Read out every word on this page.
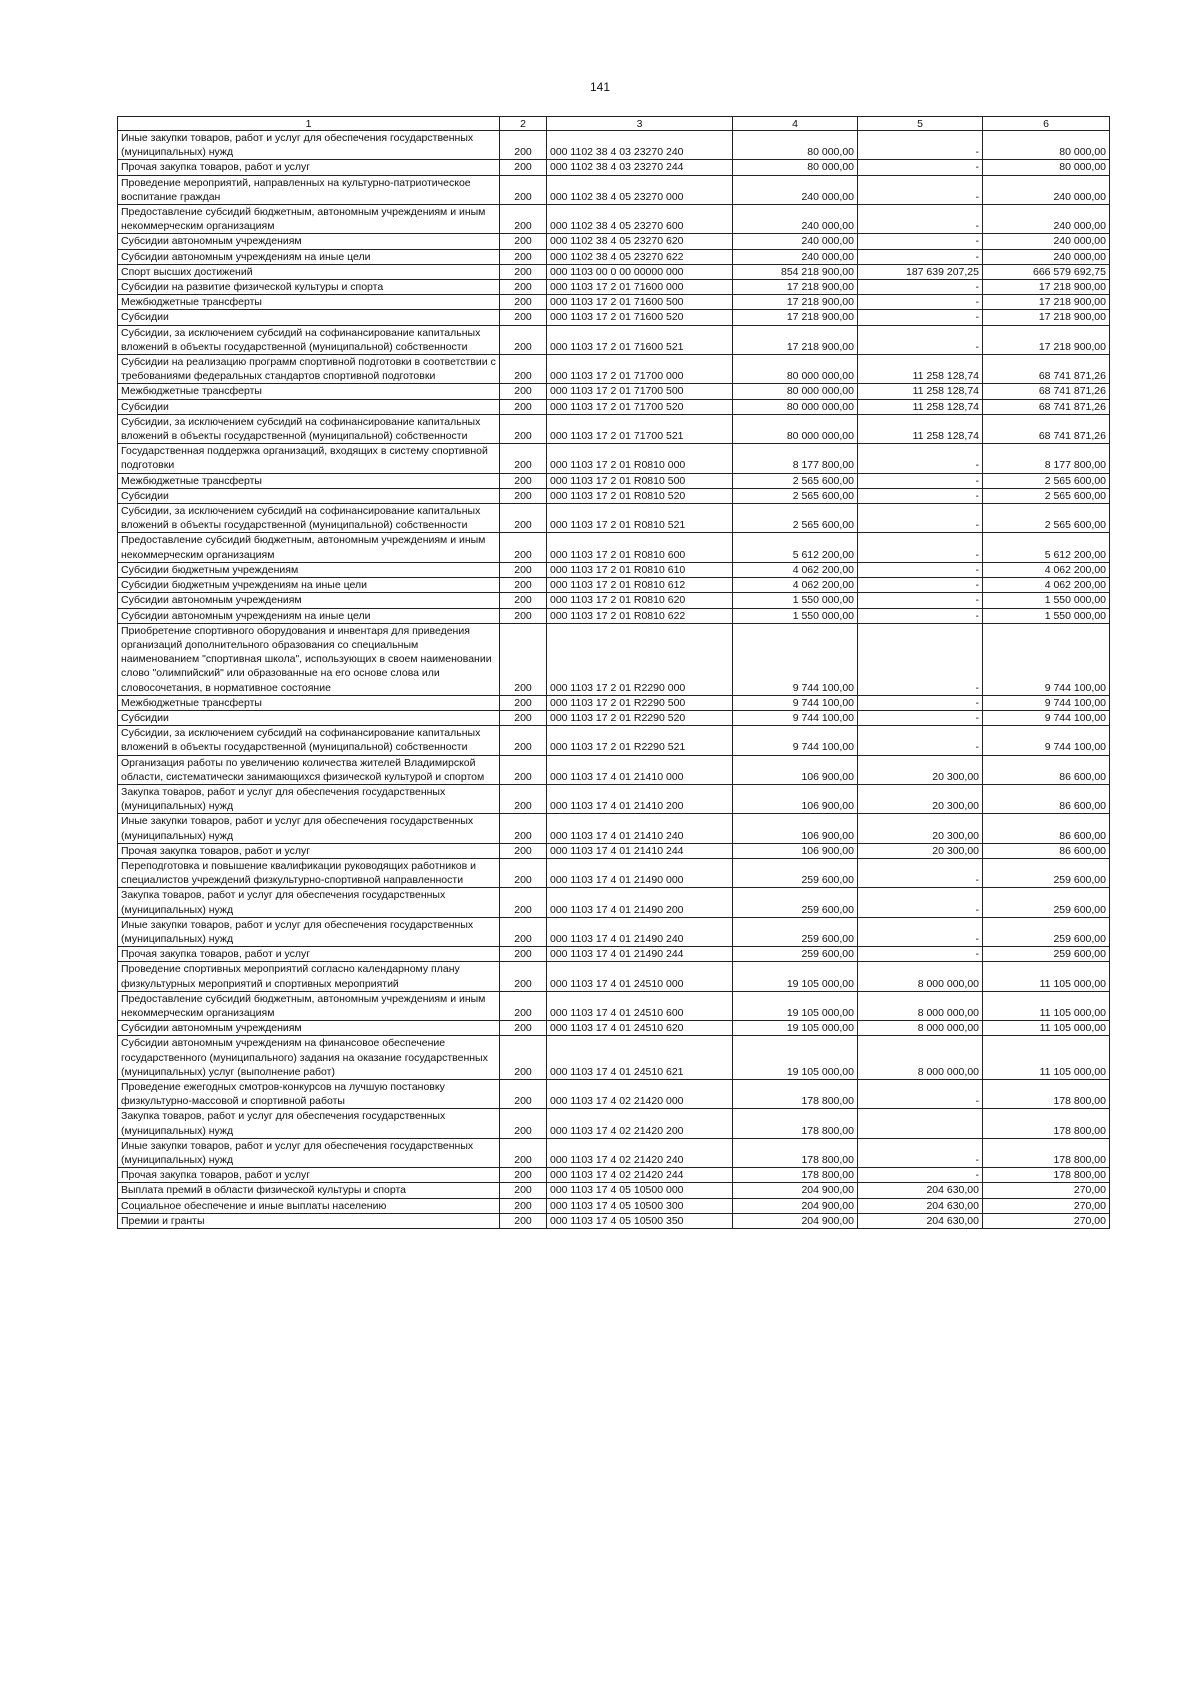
141
1	2	3	4	5	6
Иные закупки товаров, работ и услуг для обеспечения государственных (муниципальных) нужд	200	000 1102 38 4 03 23270 240	80 000,00	-	80 000,00
Прочая закупка товаров, работ и услуг	200	000 1102 38 4 03 23270 244	80 000,00	-	80 000,00
Проведение мероприятий, направленных на культурно-патриотическое воспитание граждан	200	000 1102 38 4 05 23270 000	240 000,00	-	240 000,00
Предоставление субсидий бюджетным, автономным учреждениям и иным некоммерческим организациям	200	000 1102 38 4 05 23270 600	240 000,00	-	240 000,00
Субсидии автономным учреждениям	200	000 1102 38 4 05 23270 620	240 000,00	-	240 000,00
Субсидии автономным учреждениям на иные цели	200	000 1102 38 4 05 23270 622	240 000,00	-	240 000,00
Спорт высших достижений	200	000 1103 00 0 00 00000 000	854 218 900,00	187 639 207,25	666 579 692,75
Субсидии на развитие физической культуры и спорта	200	000 1103 17 2 01 71600 000	17 218 900,00	-	17 218 900,00
Межбюджетные трансферты	200	000 1103 17 2 01 71600 500	17 218 900,00	-	17 218 900,00
Субсидии	200	000 1103 17 2 01 71600 520	17 218 900,00	-	17 218 900,00
Субсидии, за исключением субсидий на софинансирование капитальных вложений в объекты государственной (муниципальной) собственности	200	000 1103 17 2 01 71600 521	17 218 900,00	-	17 218 900,00
Субсидии на реализацию программ спортивной подготовки в соответствии с требованиями федеральных стандартов спортивной подготовки	200	000 1103 17 2 01 71700 000	80 000 000,00	11 258 128,74	68 741 871,26
Межбюджетные трансферты	200	000 1103 17 2 01 71700 500	80 000 000,00	11 258 128,74	68 741 871,26
Субсидии	200	000 1103 17 2 01 71700 520	80 000 000,00	11 258 128,74	68 741 871,26
Субсидии, за исключением субсидий на софинансирование капитальных вложений в объекты государственной (муниципальной) собственности	200	000 1103 17 2 01 71700 521	80 000 000,00	11 258 128,74	68 741 871,26
Государственная поддержка организаций, входящих в систему спортивной подготовки	200	000 1103 17 2 01 R0810 000	8 177 800,00	-	8 177 800,00
Межбюджетные трансферты	200	000 1103 17 2 01 R0810 500	2 565 600,00	-	2 565 600,00
Субсидии	200	000 1103 17 2 01 R0810 520	2 565 600,00	-	2 565 600,00
Субсидии, за исключением субсидий на софинансирование капитальных вложений в объекты государственной (муниципальной) собственности	200	000 1103 17 2 01 R0810 521	2 565 600,00	-	2 565 600,00
Предоставление субсидий бюджетным, автономным учреждениям и иным некоммерческим организациям	200	000 1103 17 2 01 R0810 600	5 612 200,00	-	5 612 200,00
Субсидии бюджетным учреждениям	200	000 1103 17 2 01 R0810 610	4 062 200,00	-	4 062 200,00
Субсидии бюджетным учреждениям на иные цели	200	000 1103 17 2 01 R0810 612	4 062 200,00	-	4 062 200,00
Субсидии автономным учреждениям	200	000 1103 17 2 01 R0810 620	1 550 000,00	-	1 550 000,00
Субсидии автономным учреждениям на иные цели	200	000 1103 17 2 01 R0810 622	1 550 000,00	-	1 550 000,00
Приобретение спортивного оборудования и инвентаря для приведения организаций дополнительного образования со специальным наименованием "спортивная школа", использующих в своем наименовании слово "олимпийский" или образованные на его основе слова или словосочетания, в нормативное состояние	200	000 1103 17 2 01 R2290 000	9 744 100,00	-	9 744 100,00
Межбюджетные трансферты	200	000 1103 17 2 01 R2290 500	9 744 100,00	-	9 744 100,00
Субсидии	200	000 1103 17 2 01 R2290 520	9 744 100,00	-	9 744 100,00
Субсидии, за исключением субсидий на софинансирование капитальных вложений в объекты государственной (муниципальной) собственности	200	000 1103 17 2 01 R2290 521	9 744 100,00	-	9 744 100,00
Организация работы по увеличению количества жителей Владимирской области, систематически занимающихся физической культурой и спортом	200	000 1103 17 4 01 21410 000	106 900,00	20 300,00	86 600,00
Закупка товаров, работ и услуг для обеспечения государственных (муниципальных) нужд	200	000 1103 17 4 01 21410 200	106 900,00	20 300,00	86 600,00
Иные закупки товаров, работ и услуг для обеспечения государственных (муниципальных) нужд	200	000 1103 17 4 01 21410 240	106 900,00	20 300,00	86 600,00
Прочая закупка товаров, работ и услуг	200	000 1103 17 4 01 21410 244	106 900,00	20 300,00	86 600,00
Переподготовка и повышение квалификации руководящих работников и специалистов учреждений физкультурно-спортивной направленности	200	000 1103 17 4 01 21490 000	259 600,00	-	259 600,00
Закупка товаров, работ и услуг для обеспечения государственных (муниципальных) нужд	200	000 1103 17 4 01 21490 200	259 600,00	-	259 600,00
Иные закупки товаров, работ и услуг для обеспечения государственных (муниципальных) нужд	200	000 1103 17 4 01 21490 240	259 600,00	-	259 600,00
Прочая закупка товаров, работ и услуг	200	000 1103 17 4 01 21490 244	259 600,00	-	259 600,00
Проведение спортивных мероприятий согласно календарному плану физкультурных мероприятий и спортивных мероприятий	200	000 1103 17 4 01 24510 000	19 105 000,00	8 000 000,00	11 105 000,00
Предоставление субсидий бюджетным, автономным учреждениям и иным некоммерческим организациям	200	000 1103 17 4 01 24510 600	19 105 000,00	8 000 000,00	11 105 000,00
Субсидии автономным учреждениям	200	000 1103 17 4 01 24510 620	19 105 000,00	8 000 000,00	11 105 000,00
Субсидии автономным учреждениям на финансовое обеспечение государственного (муниципального) задания на оказание государственных (муниципальных) услуг (выполнение работ)	200	000 1103 17 4 01 24510 621	19 105 000,00	8 000 000,00	11 105 000,00
Проведение ежегодных смотров-конкурсов на лучшую постановку физкультурно-массовой и спортивной работы	200	000 1103 17 4 02 21420 000	178 800,00	-	178 800,00
Закупка товаров, работ и услуг для обеспечения государственных (муниципальных) нужд	200	000 1103 17 4 02 21420 200	178 800,00		178 800,00
Иные закупки товаров, работ и услуг для обеспечения государственных (муниципальных) нужд	200	000 1103 17 4 02 21420 240	178 800,00	-	178 800,00
Прочая закупка товаров, работ и услуг	200	000 1103 17 4 02 21420 244	178 800,00	-	178 800,00
Выплата премий в области физической культуры и спорта	200	000 1103 17 4 05 10500 000	204 900,00	204 630,00	270,00
Социальное обеспечение и иные выплаты населению	200	000 1103 17 4 05 10500 300	204 900,00	204 630,00	270,00
Премии и гранты	200	000 1103 17 4 05 10500 350	204 900,00	204 630,00	270,00
